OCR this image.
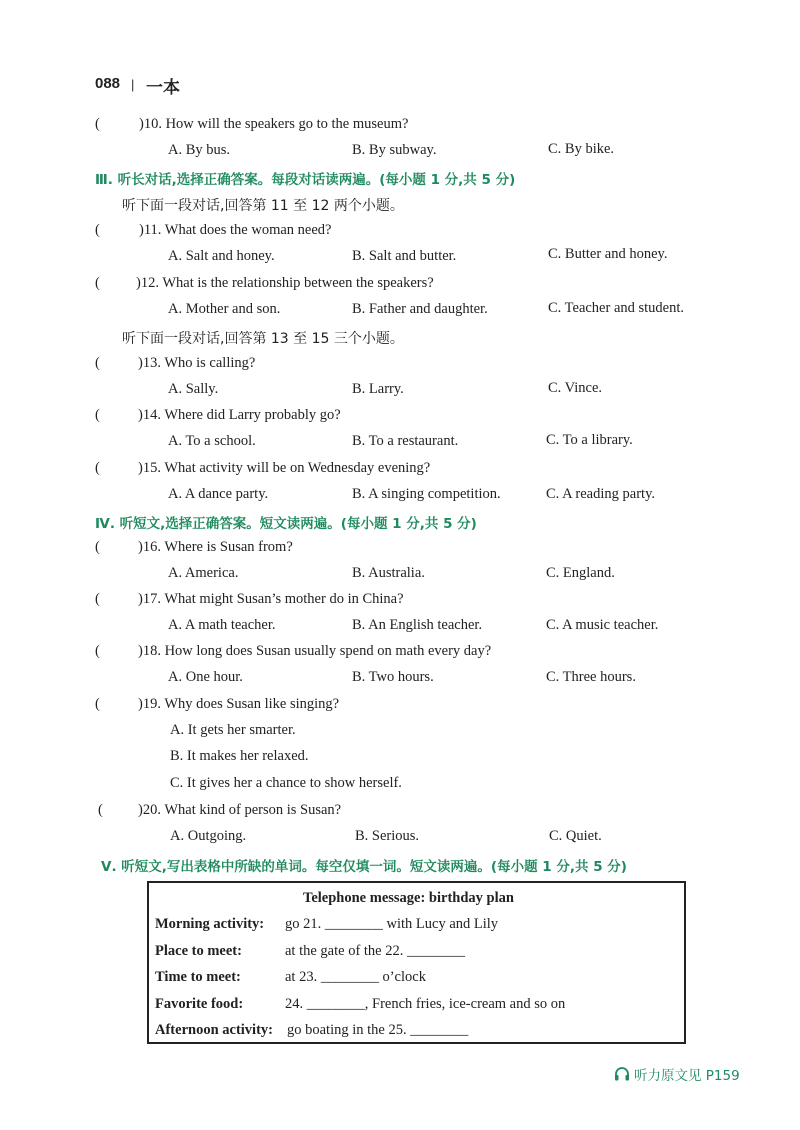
088 | 一本
(	)10. How will the speakers go to the museum?
A. By bus.	B. By subway.	C. By bike.
Ⅲ. 听长对话,选择正确答案。每段对话读两遍。(每小题 1 分,共 5 分)
听下面一段对话,回答第 11 至 12 两个小题。
(	)11. What does the woman need?
A. Salt and honey.	B. Salt and butter.	C. Butter and honey.
(	)12. What is the relationship between the speakers?
A. Mother and son.	B. Father and daughter.	C. Teacher and student.
听下面一段对话,回答第 13 至 15 三个小题。
(	)13. Who is calling?
A. Sally.	B. Larry.	C. Vince.
(	)14. Where did Larry probably go?
A. To a school.	B. To a restaurant.	C. To a library.
(	)15. What activity will be on Wednesday evening?
A. A dance party.	B. A singing competition.	C. A reading party.
Ⅳ. 听短文,选择正确答案。短文读两遍。(每小题 1 分,共 5 分)
(	)16. Where is Susan from?
A. America.	B. Australia.	C. England.
(	)17. What might Susan’s mother do in China?
A. A math teacher.	B. An English teacher.	C. A music teacher.
(	)18. How long does Susan usually spend on math every day?
A. One hour.	B. Two hours.	C. Three hours.
(	)19. Why does Susan like singing?
A. It gets her smarter.
B. It makes her relaxed.
C. It gives her a chance to show herself.
(	)20. What kind of person is Susan?
A. Outgoing.	B. Serious.	C. Quiet.
Ⅴ. 听短文,写出表格中所缺的单词。每空仅填一词。短文读两遍。(每小题 1 分,共 5 分)
Telephone message: birthday plan
Morning activity: go 21. ________ with Lucy and Lily
Place to meet:	at the gate of the 22. ________
Time to meet:	at 23. ________ o’clock
Favorite food:	24. ________, French fries, ice-cream and so on
Afternoon activity: go boating in the 25. ________
听力原文见 P159
